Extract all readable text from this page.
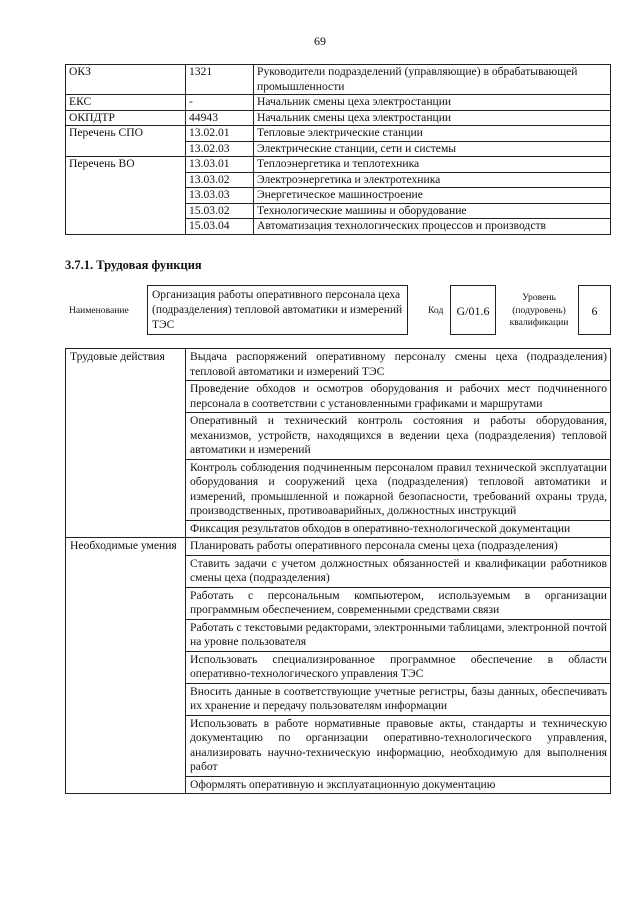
69
ОКЗ	1321	Руководители подразделений (управляющие) в обрабатывающей промышленности
ЕКС	-	Начальник смены цеха электростанции
ОКПДТР	44943	Начальник смены цеха электростанции
Перечень СПО	13.02.01	Тепловые электрические станции
	13.02.03	Электрические станции, сети и системы
Перечень ВО	13.03.01	Теплоэнергетика и теплотехника
	13.03.02	Электроэнергетика и электротехника
	13.03.03	Энергетическое машиностроение
	15.03.02	Технологические машины и оборудование
	15.03.04	Автоматизация технологических процессов и производств
3.7.1. Трудовая функция
Наименование
Организация работы оперативного персонала цеха (подразделения) тепловой автоматики и измерений ТЭС
Код	G/01.6
Уровень (подуровень) квалификации
6
Трудовые действия	Выдача распоряжений оперативному персоналу смены цеха (подразделения) тепловой автоматики и измерений ТЭС
	Проведение обходов и осмотров оборудования и рабочих мест подчиненного персонала в соответствии с установленными графиками и маршрутами
	Оперативный и технический контроль состояния и работы оборудования, механизмов, устройств, находящихся в ведении цеха (подразделения) тепловой автоматики и измерений
	Контроль соблюдения подчиненным персоналом правил технической эксплуатации оборудования и сооружений цеха (подразделения) тепловой автоматики и измерений, промышленной и пожарной безопасности, требований охраны труда, производственных, противоаварийных, должностных инструкций
	Фиксация результатов обходов в оперативно-технологической документации
Необходимые умения	Планировать работы оперативного персонала смены цеха (подразделения)
	Ставить задачи с учетом должностных обязанностей и квалификации работников смены цеха (подразделения)
	Работать с персональным компьютером, используемым в организации программным обеспечением, современными средствами связи
	Работать с текстовыми редакторами, электронными таблицами, электронной почтой на уровне пользователя
	Использовать специализированное программное обеспечение в области оперативно-технологического управления ТЭС
	Вносить данные в соответствующие учетные регистры, базы данных, обеспечивать их хранение и передачу пользователям информации
	Использовать в работе нормативные правовые акты, стандарты и техническую документацию по организации оперативно-технологического управления, анализировать научно-техническую информацию, необходимую для выполнения работ
	Оформлять оперативную и эксплуатационную документацию
